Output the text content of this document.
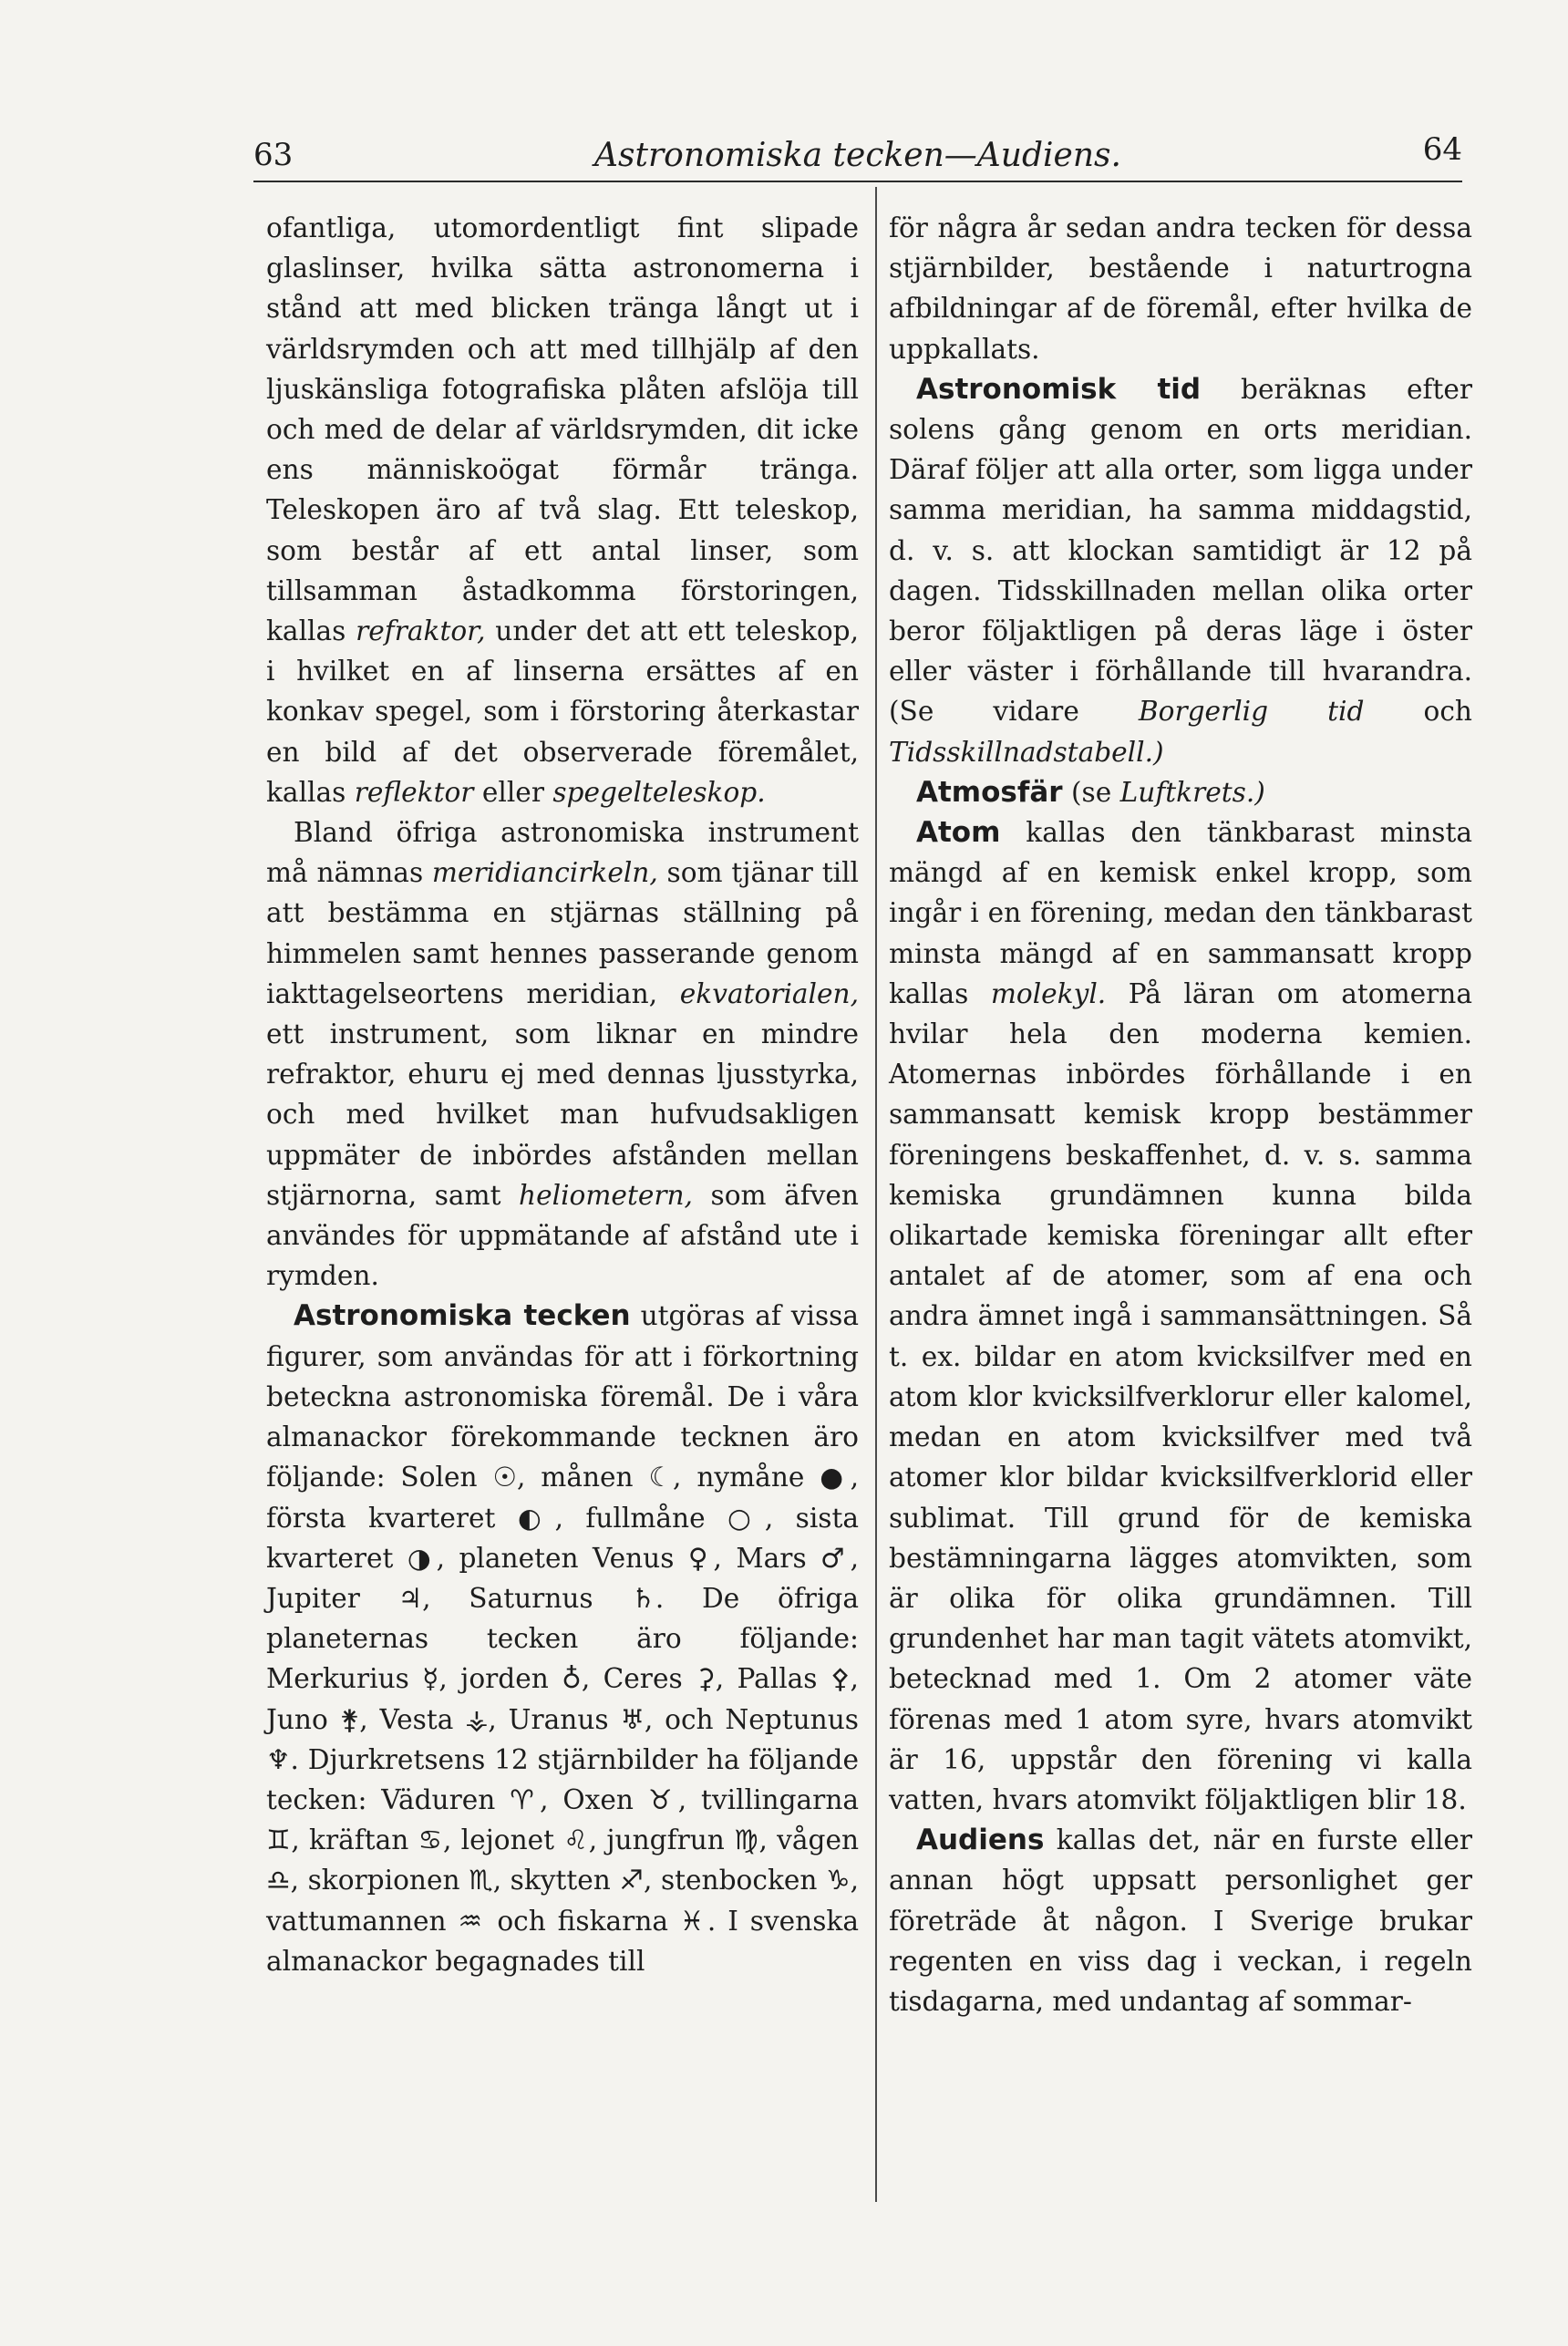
63	Astronomiska tecken—Audiens.	64

ofantliga, utomordentligt fint slipade glaslinser, hvilka sätta astronomerna i stånd att med blicken tränga långt ut i världsrymden och att med tillhjälp af den ljuskänsliga fotografiska plåten afslöja till och med de delar af världsrymden, dit icke ens människoögat förmår tränga. Teleskopen äro af två slag. Ett teleskop, som består af ett antal linser, som tillsamman åstadkomma förstoringen, kallas refraktor, under det att ett teleskop, i hvilket en af linserna ersättes af en konkav spegel, som i förstoring återkastar en bild af det observerade föremålet, kallas reflektor eller spegelteleskop.

Bland öfriga astronomiska instrument må nämnas meridiancirkeln, som tjänar till att bestämma en stjärnas ställning på himmelen samt hennes passerande genom iakttagelseortens meridian, ekvatorialen, ett instrument, som liknar en mindre refraktor, ehuru ej med dennas ljusstyrka, och med hvilket man hufvudsakligen uppmäter de inbördes afstånden mellan stjärnorna, samt heliometern, som äfven användes för uppmätande af afstånd ute i rymden.

Astronomiska tecken utgöras af vissa figurer, som användas för att i förkortning beteckna astronomiska föremål. De i våra almanackor förekommande tecknen äro följande: Solen ☉, månen ☾, nymåne ●, första kvarteret ◐, fullmåne ○, sista kvarteret ◑, planeten Venus ♀, Mars ♂, Jupiter ♃, Saturnus ♄. De öfriga planeternas tecken äro följande: Merkurius ☿, jorden ♁, Ceres ⚳, Pallas ⚴, Juno ⚵, Vesta ⚶, Uranus ♅, och Neptunus ♆. Djurkretsens 12 stjärnbilder ha följande tecken: Väduren ♈, Oxen ♉, tvillingarna ♊, kräftan ♋, lejonet ♌, jungfrun ♍, vågen ♎, skorpionen ♏, skytten ♐, stenbocken ♑, vattumannen ♒ och fiskarna ♓. I svenska almanackor begagnades till

för några år sedan andra tecken för dessa stjärnbilder, bestående i naturtrogna afbildningar af de föremål, efter hvilka de uppkallats.

Astronomisk tid beräknas efter solens gång genom en orts meridian. Däraf följer att alla orter, som ligga under samma meridian, ha samma middagstid, d. v. s. att klockan samtidigt är 12 på dagen. Tidsskillnaden mellan olika orter beror följaktligen på deras läge i öster eller väster i förhållande till hvarandra. (Se vidare Borgerlig tid och Tidsskillnadstabell.)

Atmosfär (se Luftkrets.)

Atom kallas den tänkbarast minsta mängd af en kemisk enkel kropp, som ingår i en förening, medan den tänkbarast minsta mängd af en sammansatt kropp kallas molekyl. På läran om atomerna hvilar hela den moderna kemien. Atomernas inbördes förhållande i en sammansatt kemisk kropp bestämmer föreningens beskaffenhet, d. v. s. samma kemiska grundämnen kunna bilda olikartade kemiska föreningar allt efter antalet af de atomer, som af ena och andra ämnet ingå i sammansättningen. Så t. ex. bildar en atom kvicksilfver med en atom klor kvicksilfverklorur eller kalomel, medan en atom kvicksilfver med två atomer klor bildar kvicksilfverklorid eller sublimat. Till grund för de kemiska bestämningarna lägges atomvikten, som är olika för olika grundämnen. Till grundenhet har man tagit vätets atomvikt, betecknad med 1. Om 2 atomer väte förenas med 1 atom syre, hvars atomvikt är 16, uppstår den förening vi kalla vatten, hvars atomvikt följaktligen blir 18.

Audiens kallas det, när en furste eller annan högt uppsatt personlighet ger företräde åt någon. I Sverige brukar regenten en viss dag i veckan, i regeln tisdagarna, med undantag af sommar-
